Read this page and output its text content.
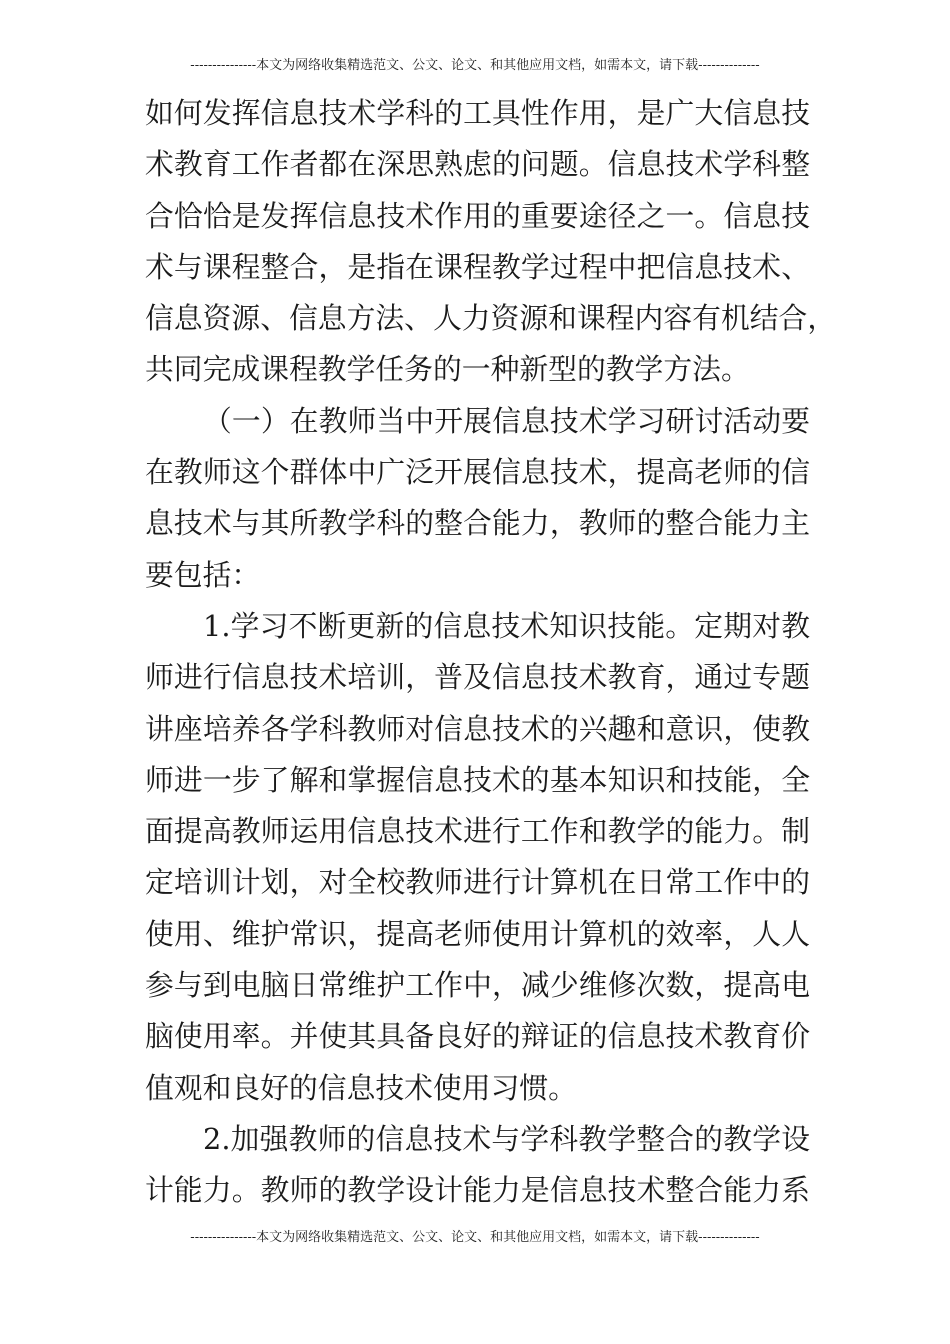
---------------本文为网络收集精选范文、公文、论文、和其他应用文档，如需本文，请下载--------------
如何发挥信息技术学科的工具性作用，是广大信息技
术教育工作者都在深思熟虑的问题。信息技术学科整
合恰恰是发挥信息技术作用的重要途径之一。信息技
术与课程整合，是指在课程教学过程中把信息技术、
信息资源、信息方法、人力资源和课程内容有机结合，
共同完成课程教学任务的一种新型的教学方法。
（一）在教师当中开展信息技术学习研讨活动要
在教师这个群体中广泛开展信息技术，提高老师的信
息技术与其所教学科的整合能力，教师的整合能力主
要包括：
1.学习不断更新的信息技术知识技能。定期对教
师进行信息技术培训，普及信息技术教育，通过专题
讲座培养各学科教师对信息技术的兴趣和意识，使教
师进一步了解和掌握信息技术的基本知识和技能，全
面提高教师运用信息技术进行工作和教学的能力。制
定培训计划，对全校教师进行计算机在日常工作中的
使用、维护常识，提高老师使用计算机的效率，人人
参与到电脑日常维护工作中，减少维修次数，提高电
脑使用率。并使其具备良好的辩证的信息技术教育价
值观和良好的信息技术使用习惯。
2.加强教师的信息技术与学科教学整合的教学设
计能力。教师的教学设计能力是信息技术整合能力系
---------------本文为网络收集精选范文、公文、论文、和其他应用文档，如需本文，请下载--------------
